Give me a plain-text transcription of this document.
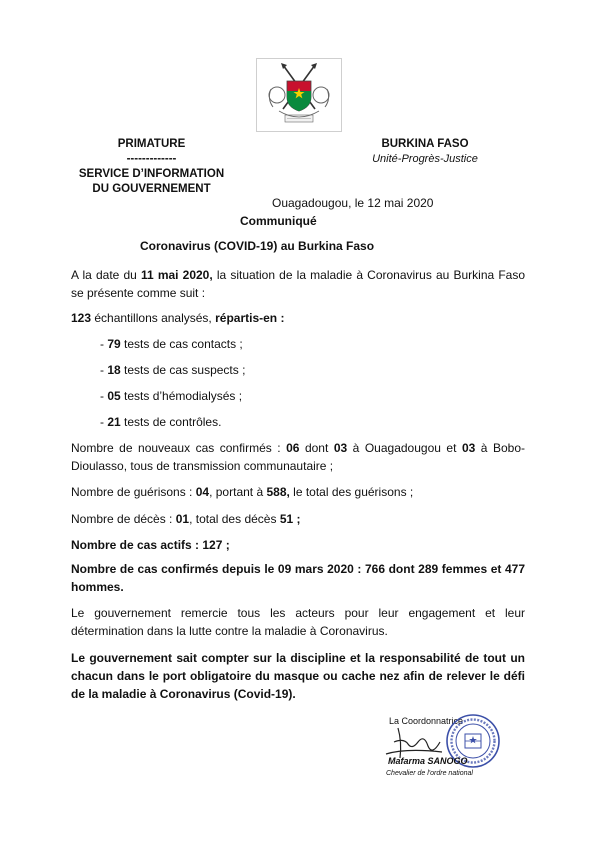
PRIMATURE
-------------
SERVICE D’INFORMATION
DU GOUVERNEMENT
BURKINA FASO
Unité-Progrès-Justice
Ouagadougou, le 12 mai 2020
Communiqué
Coronavirus (COVID-19) au Burkina Faso
A la date du 11 mai 2020, la situation de la maladie à Coronavirus au Burkina Faso se présente comme suit :
123 échantillons analysés, répartis-en :
- 79 tests de cas contacts ;
- 18 tests de cas suspects ;
- 05 tests d’hémodialysés ;
- 21 tests de contrôles.
Nombre de nouveaux cas confirmés : 06 dont 03 à Ouagadougou et 03 à Bobo-Dioulasso, tous de transmission communautaire ;
Nombre de guérisons : 04, portant à 588, le total des guérisons ;
Nombre de décès : 01, total des décès 51 ;
Nombre de cas actifs : 127 ;
Nombre de cas confirmés depuis le 09 mars 2020 : 766 dont 289 femmes et 477 hommes.
Le gouvernement remercie tous les acteurs pour leur engagement et leur détermination dans la lutte contre la maladie à Coronavirus.
Le gouvernement sait compter sur la discipline et la responsabilité de tout un chacun dans le port obligatoire du masque ou cache nez afin de relever le défi de la maladie à Coronavirus (Covid-19).
La Coordonnatrice
Mafarma SANOGO
Chevalier de l'ordre national
